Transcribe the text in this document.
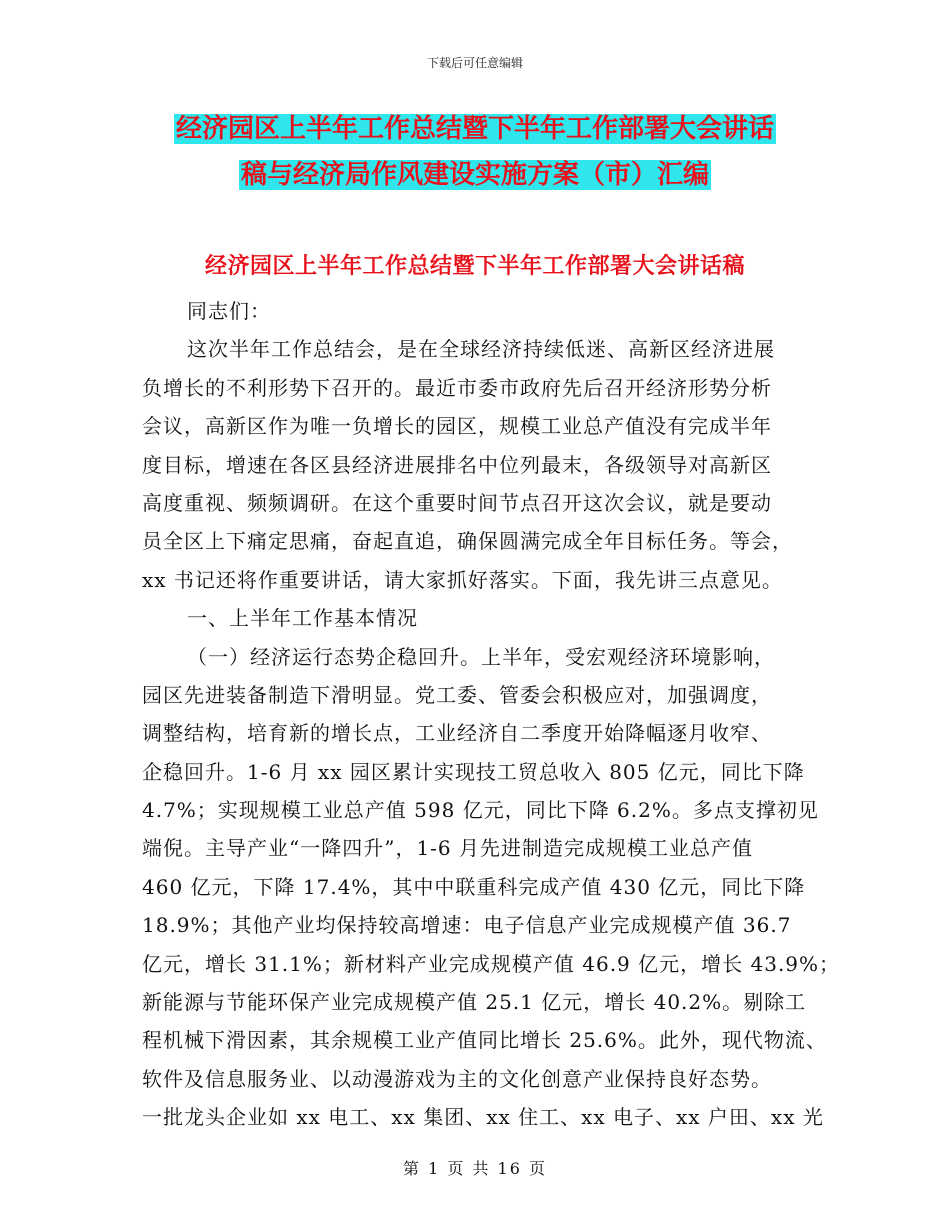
下载后可任意编辑
经济园区上半年工作总结暨下半年工作部署大会讲话
稿与经济局作风建设实施方案（市）汇编
经济园区上半年工作总结暨下半年工作部署大会讲话稿
同志们：
这次半年工作总结会，是在全球经济持续低迷、高新区经济进展
负增长的不利形势下召开的。最近市委市政府先后召开经济形势分析
会议，高新区作为唯一负增长的园区，规模工业总产值没有完成半年
度目标，增速在各区县经济进展排名中位列最末，各级领导对高新区
高度重视、频频调研。在这个重要时间节点召开这次会议，就是要动
员全区上下痛定思痛，奋起直追，确保圆满完成全年目标任务。等会，
xx 书记还将作重要讲话，请大家抓好落实。下面，我先讲三点意见。
一、上半年工作基本情况
（一）经济运行态势企稳回升。上半年，受宏观经济环境影响，
园区先进装备制造下滑明显。党工委、管委会积极应对，加强调度，
调整结构，培育新的增长点，工业经济自二季度开始降幅逐月收窄、
企稳回升。1-6 月 xx 园区累计实现技工贸总收入 805 亿元，同比下降
4.7%；实现规模工业总产值 598 亿元，同比下降 6.2%。多点支撑初见
端倪。主导产业“一降四升”，1-6 月先进制造完成规模工业总产值
460 亿元，下降 17.4%，其中中联重科完成产值 430 亿元，同比下降
18.9%；其他产业均保持较高增速：电子信息产业完成规模产值 36.7
亿元，增长 31.1%；新材料产业完成规模产值 46.9 亿元，增长 43.9%；
新能源与节能环保产业完成规模产值 25.1 亿元，增长 40.2%。剔除工
程机械下滑因素，其余规模工业产值同比增长 25.6%。此外，现代物流、
软件及信息服务业、以动漫游戏为主的文化创意产业保持良好态势。
一批龙头企业如 xx 电工、xx 集团、xx 住工、xx 电子、xx 户田、xx 光
第 1 页 共 16 页
